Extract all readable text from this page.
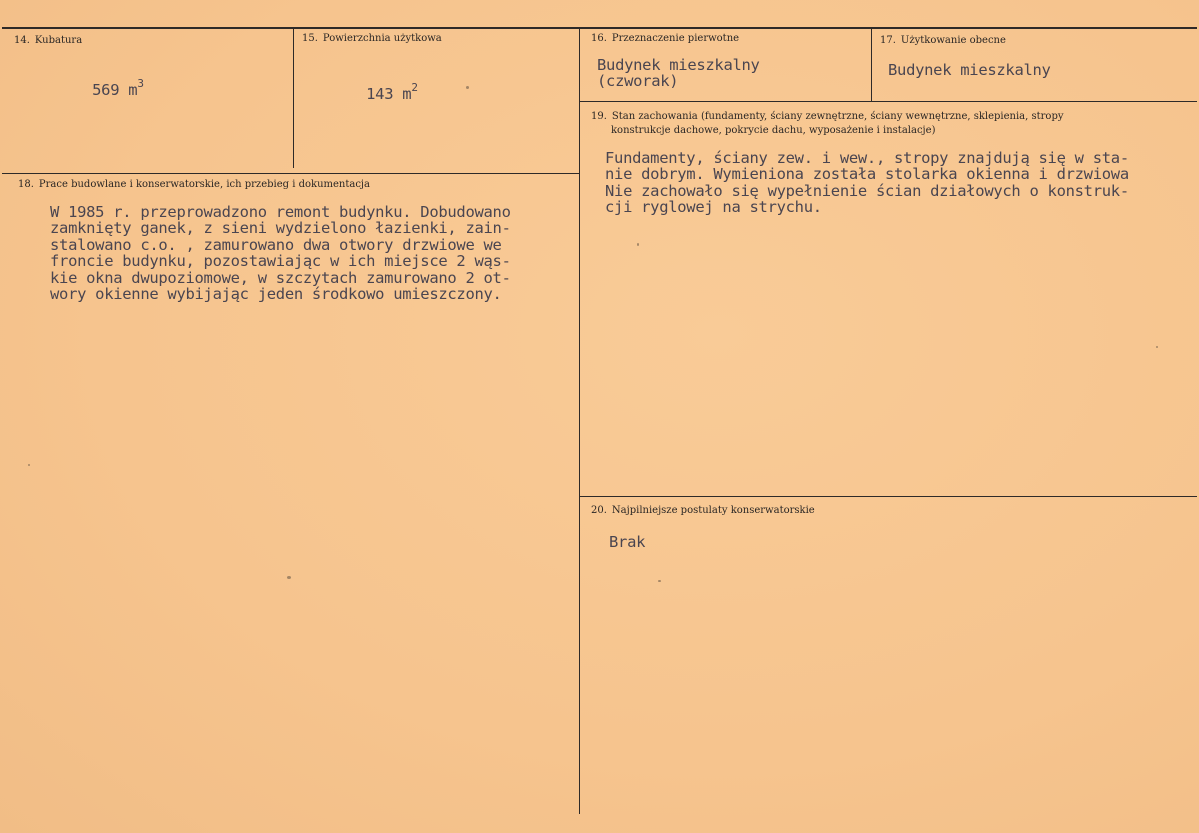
14. Kubatura

569 $m^3$

15. Powierzchnia użytkowa

143 $m^2$

16. Przeznaczenie pierwotne
Budynek mieszkalny
(czworak)
17. Użytkowanie obecne
Budynek mieszkalny
19. Stan zachowania (fundamenty, ściany zewnętrzne, ściany wewnętrzne, sklepienia, stropy
konstrukcje dachowe, pokrycie dachu, wyposażenie i instalacje)
Fundamenty, ściany zew. i wew., stropy znajdują się w sta-
nie dobrym. Wymieniona została stolarka okienna i drzwiowa
Nie zachowało się wypełnienie ścian działowych o konstruk-
cji ryglowej na strychu.
18. Prace budowlane i konserwatorskie, ich przebieg i dokumentacja
W 1985 r. przeprowadzono remont budynku. Dobudowano
zamknięty ganek, z sieni wydzielono łazienki, zain-
stalowano c.o. , zamurowano dwa otwory drzwiowe we
froncie budynku, pozostawiając w ich miejsce 2 wąs-
kie okna dwupoziomowe, w szczytach zamurowano 2 ot-
wory okienne wybijając jeden środkowo umieszczony.
20. Najpilniejsze postulaty konserwatorskie
Brak
